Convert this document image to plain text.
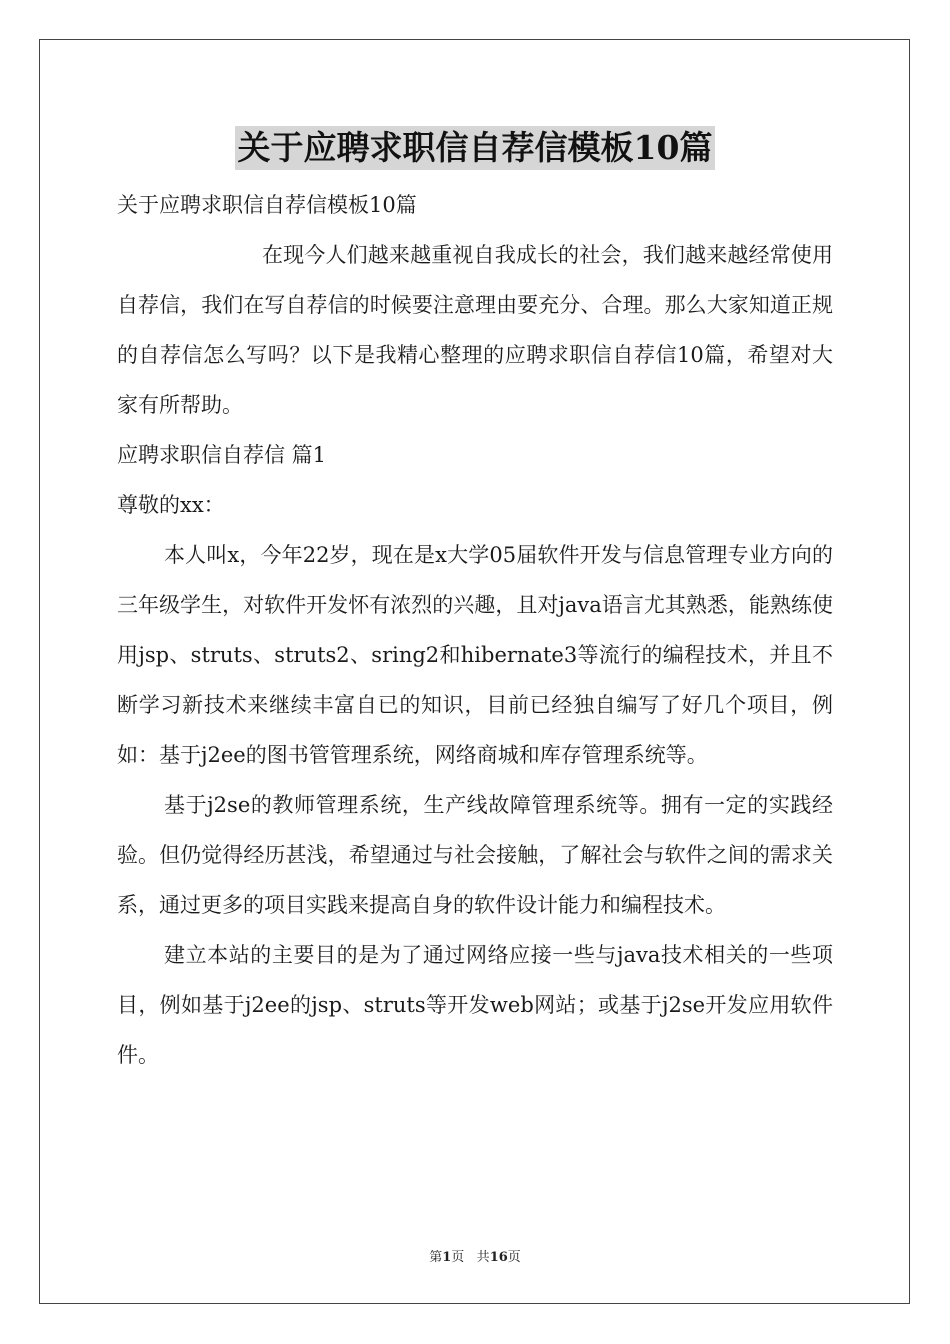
关于应聘求职信自荐信模板10篇
关于应聘求职信自荐信模板10篇
在现今人们越来越重视自我成长的社会，我们越来越经常使用自荐信，我们在写自荐信的时候要注意理由要充分、合理。那么大家知道正规的自荐信怎么写吗？以下是我精心整理的应聘求职信自荐信10篇，希望对大家有所帮助。
应聘求职信自荐信 篇1
尊敬的xx：
本人叫x，今年22岁，现在是x大学05届软件开发与信息管理专业方向的三年级学生，对软件开发怀有浓烈的兴趣，且对java语言尤其熟悉，能熟练使用jsp、struts、struts2、sring2和hibernate3等流行的编程技术，并且不断学习新技术来继续丰富自已的知识，目前已经独自编写了好几个项目，例如：基于j2ee的图书管管理系统，网络商城和库存管理系统等。
基于j2se的教师管理系统，生产线故障管理系统等。拥有一定的实践经验。但仍觉得经历甚浅，希望通过与社会接触，了解社会与软件之间的需求关系，通过更多的项目实践来提高自身的软件设计能力和编程技术。
建立本站的主要目的是为了通过网络应接一些与java技术相关的一些项目，例如基于j2ee的jsp、struts等开发web网站；或基于j2se开发应用软件件。
第1页 共16页
